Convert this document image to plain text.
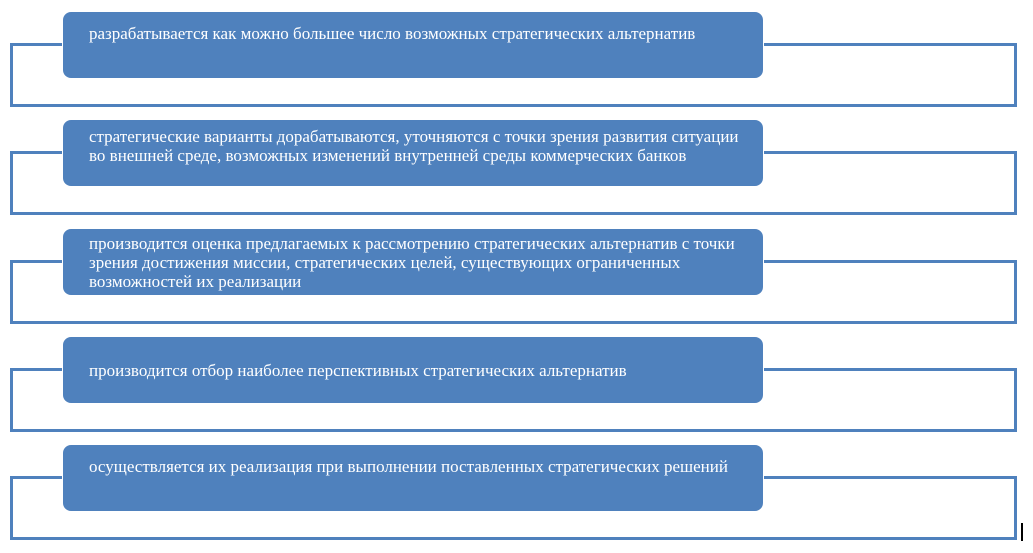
разрабатывается как можно большее число возможных стратегических альтернатив
стратегические варианты дорабатываются, уточняются с точки зрения развития ситуации во внешней среде, возможных изменений внутренней среды коммерческих банков
производится оценка предлагаемых к рассмотрению стратегических альтернатив с точки зрения достижения миссии, стратегических целей, существующих ограниченных возможностей их реализации
производится отбор наиболее перспективных стратегических альтернатив
осуществляется их реализация при выполнении поставленных стратегических решений
